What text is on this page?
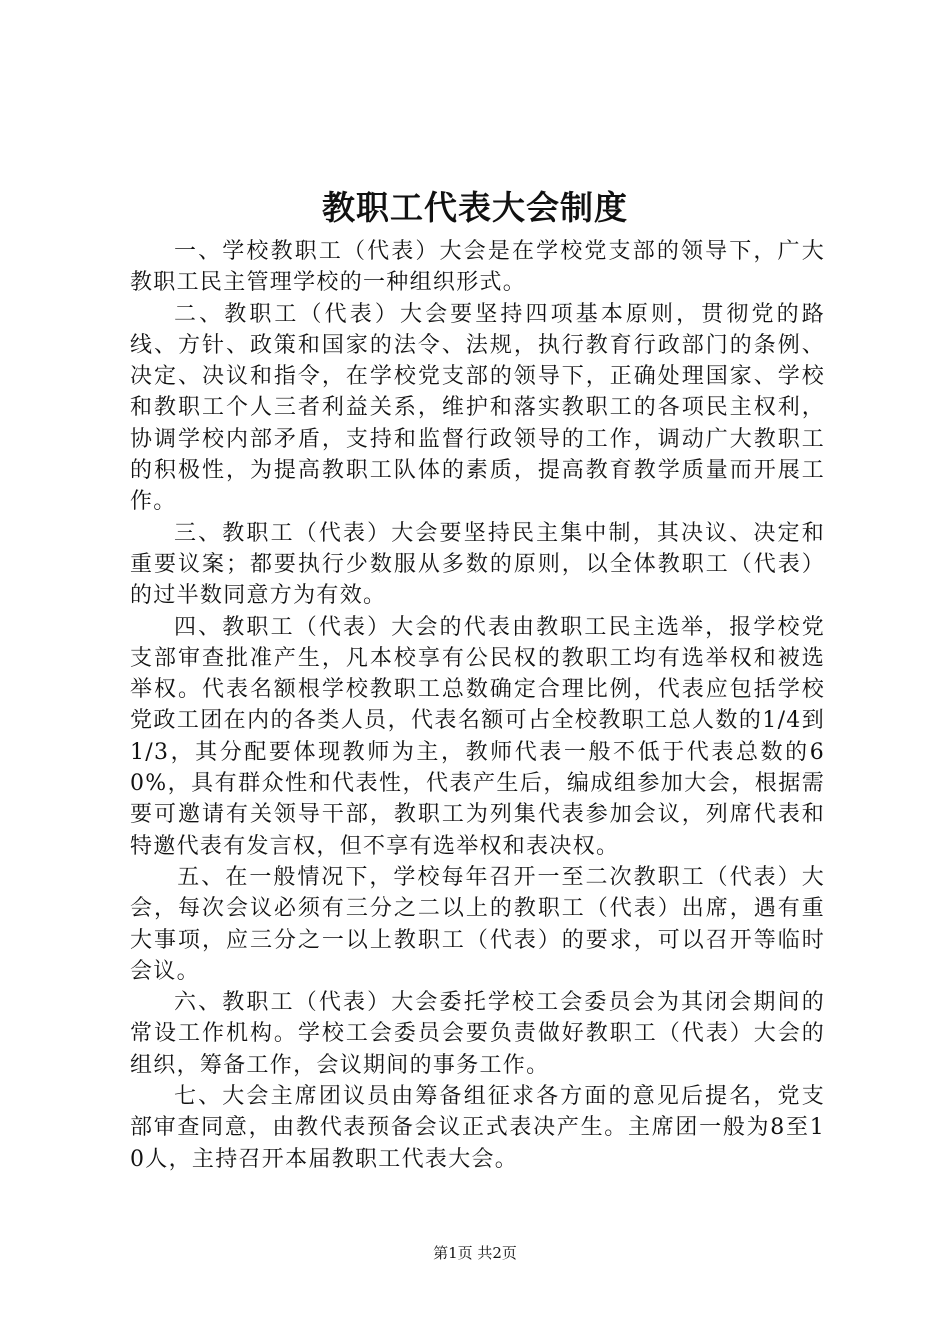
教职工代表大会制度

一、学校教职工（代表）大会是在学校党支部的领导下，广大教职工民主管理学校的一种组织形式。

二、教职工（代表）大会要坚持四项基本原则，贯彻党的路线、方针、政策和国家的法令、法规，执行教育行政部门的条例、决定、决议和指令，在学校党支部的领导下，正确处理国家、学校和教职工个人三者利益关系，维护和落实教职工的各项民主权利，协调学校内部矛盾，支持和监督行政领导的工作，调动广大教职工的积极性，为提高教职工队体的素质，提高教育教学质量而开展工作。

三、教职工（代表）大会要坚持民主集中制，其决议、决定和重要议案；都要执行少数服从多数的原则，以全体教职工（代表）的过半数同意方为有效。

四、教职工（代表）大会的代表由教职工民主选举，报学校党支部审查批准产生，凡本校享有公民权的教职工均有选举权和被选举权。代表名额根学校教职工总数确定合理比例，代表应包括学校党政工团在内的各类人员，代表名额可占全校教职工总人数的1/4到1/3，其分配要体现教师为主，教师代表一般不低于代表总数的60%，具有群众性和代表性，代表产生后，编成组参加大会，根据需要可邀请有关领导干部，教职工为列集代表参加会议，列席代表和特邀代表有发言权，但不享有选举权和表决权。

五、在一般情况下，学校每年召开一至二次教职工（代表）大会，每次会议必须有三分之二以上的教职工（代表）出席，遇有重大事项，应三分之一以上教职工（代表）的要求，可以召开等临时会议。

六、教职工（代表）大会委托学校工会委员会为其闭会期间的常设工作机构。学校工会委员会要负责做好教职工（代表）大会的组织，筹备工作，会议期间的事务工作。

七、大会主席团议员由筹备组征求各方面的意见后提名，党支部审查同意，由教代表预备会议正式表决产生。主席团一般为8至10人，主持召开本届教职工代表大会。

第1页 共2页
